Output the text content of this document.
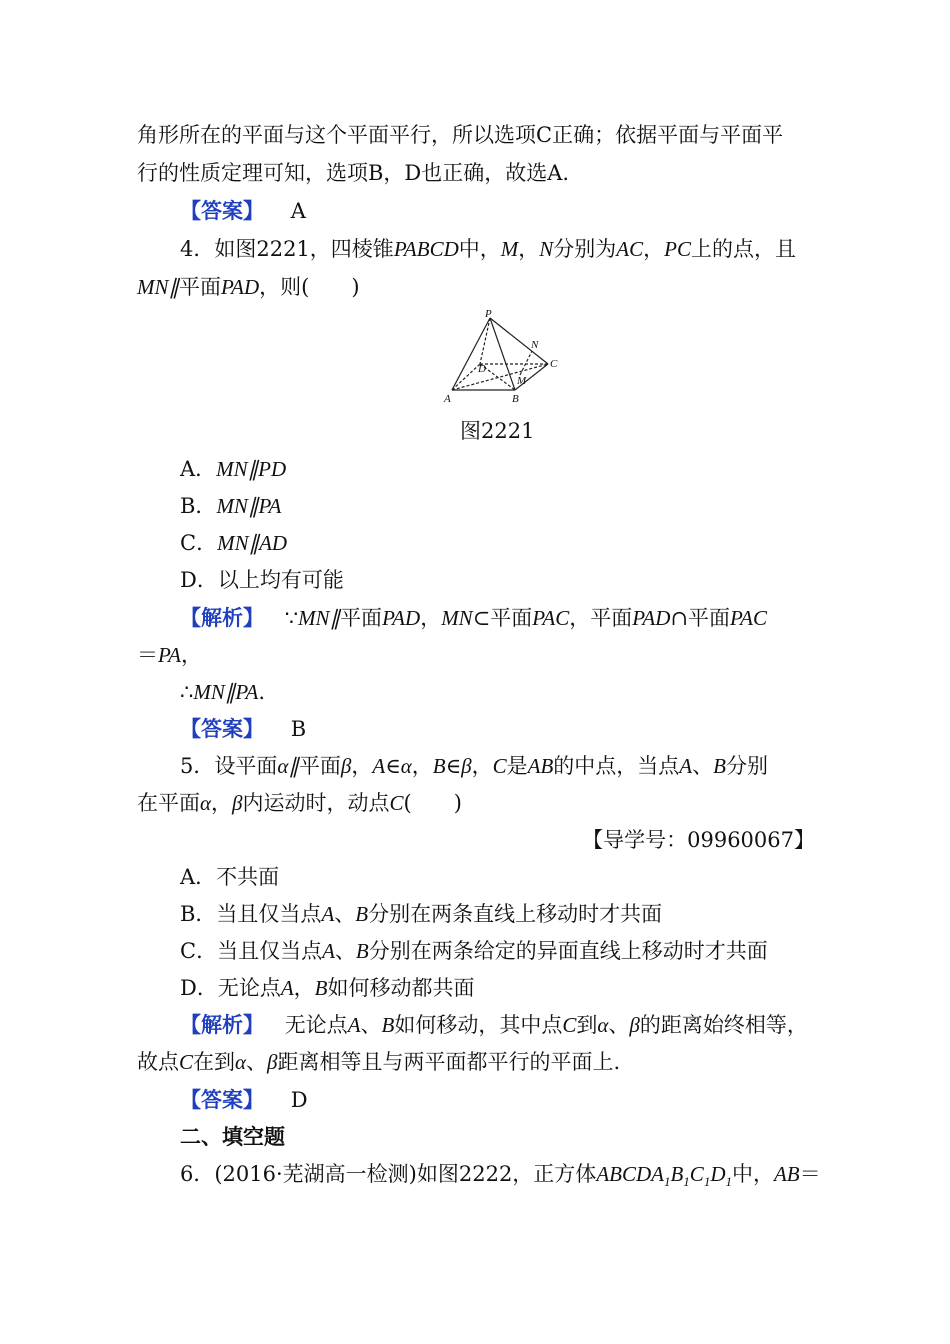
角形所在的平面与这个平面平行，所以选项C正确；依据平面与平面平
行的性质定理可知，选项B，D也正确，故选A.
【答案】 A
4．如图2221，四棱锥PABCD中，M，N分别为AC，PC上的点，且
MN∥平面PAD，则(　　)
P
N
C
D
M
A	B
图2221
A．MN∥PD
B．MN∥PA
C．MN∥AD
D．以上均有可能
【解析】 ∵MN∥平面PAD，MN⊂平面PAC，平面PAD∩平面PAC
＝PA，
∴MN∥PA.
【答案】 B
5．设平面α∥平面β，A∈α，B∈β，C是AB的中点，当点A、B分别
在平面α，β内运动时，动点C(　　)
【导学号：09960067】
A．不共面
B．当且仅当点A、B分别在两条直线上移动时才共面
C．当且仅当点A、B分别在两条给定的异面直线上移动时才共面
D．无论点A，B如何移动都共面
【解析】 无论点A、B如何移动，其中点C到α、β的距离始终相等，
故点C在到α、β距离相等且与两平面都平行的平面上.
【答案】 D
二、填空题
6．(2016·芜湖高一检测)如图2222，正方体$ABCDA_1B_1C_1D_1$中，AB＝
